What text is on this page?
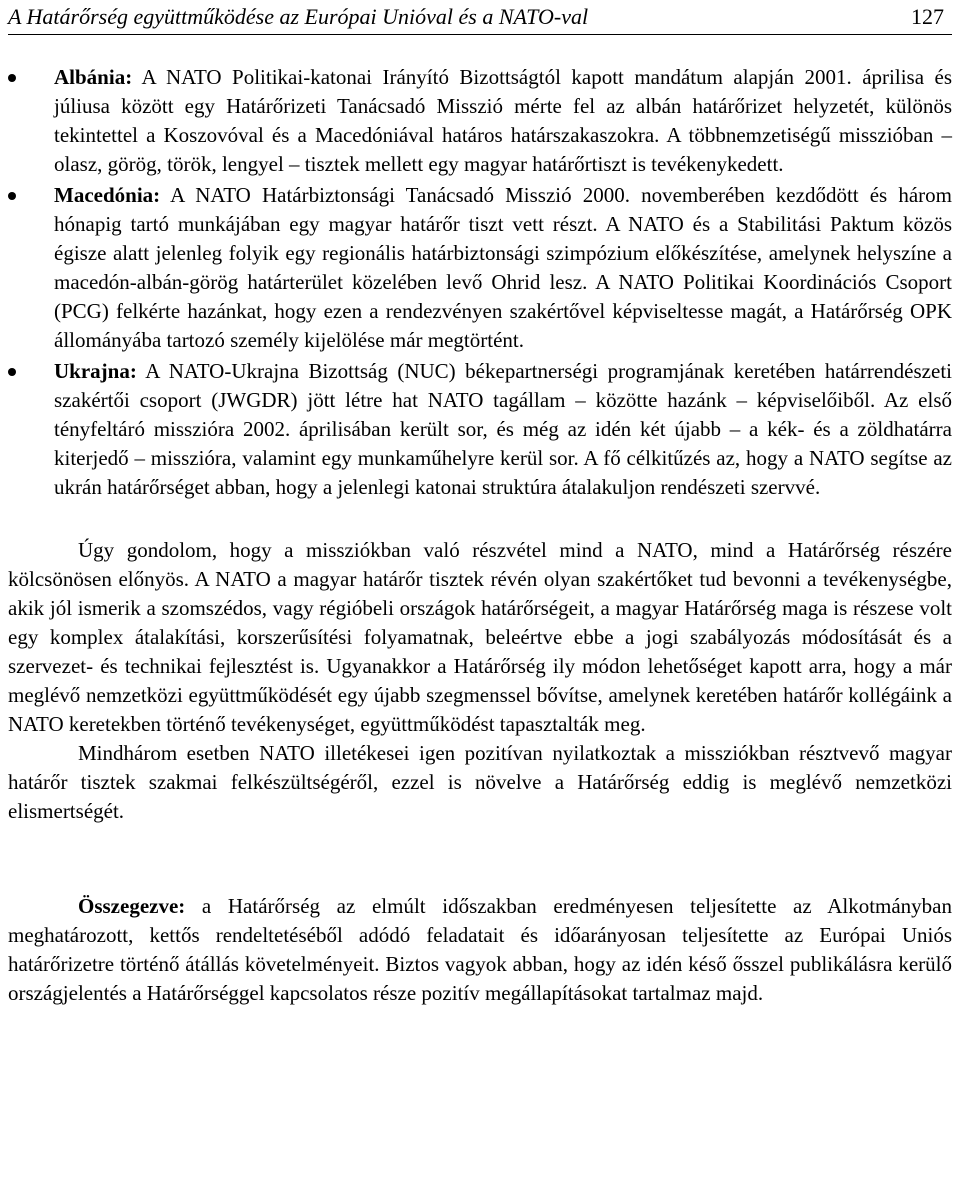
A Határőrség együttműködése az Európai Unióval és a NATO-val	127
Albánia: A NATO Politikai-katonai Irányító Bizottságtól kapott mandátum alapján 2001. áprilisa és júliusa között egy Határőrizeti Tanácsadó Misszió mérte fel az albán határőrizet helyzetét, különös tekintettel a Koszovóval és a Macedóniával határos határszakaszokra. A többnemzetiségű misszióban – olasz, görög, török, lengyel – tisztek mellett egy magyar határőrtiszt is tevékenykedett.
Macedónia: A NATO Határbiztonsági Tanácsadó Misszió 2000. novemberében kezdődött és három hónapig tartó munkájában egy magyar határőr tiszt vett részt. A NATO és a Stabilitási Paktum közös égisze alatt jelenleg folyik egy regionális határbiztonsági szimpózium előkészítése, amelynek helyszíne a macedón-albán-görög határterület közelében levő Ohrid lesz. A NATO Politikai Koordinációs Csoport (PCG) felkérte hazánkat, hogy ezen a rendezvényen szakértővel képviseltesse magát, a Határőrség OPK állományába tartozó személy kijelölése már megtörtént.
Ukrajna: A NATO-Ukrajna Bizottság (NUC) békepartnerségi programjának keretében határrendészeti szakértői csoport (JWGDR) jött létre hat NATO tagállam – közötte hazánk – képviselőiből. Az első tényfeltáró misszióra 2002. áprilisában került sor, és még az idén két újabb – a kék- és a zöldhatárra kiterjedő – misszióra, valamint egy munkaműhelyre kerül sor. A fő célkitűzés az, hogy a NATO segítse az ukrán határőrséget abban, hogy a jelenlegi katonai struktúra átalakuljon rendészeti szervvé.

Úgy gondolom, hogy a missziókban való részvétel mind a NATO, mind a Határőrség részére kölcsönösen előnyös. A NATO a magyar határőr tisztek révén olyan szakértőket tud bevonni a tevékenységbe, akik jól ismerik a szomszédos, vagy régióbeli országok határőrségeit, a magyar Határőrség maga is részese volt egy komplex átalakítási, korszerűsítési folyamatnak, beleértve ebbe a jogi szabályozás módosítását és a szervezet- és technikai fejlesztést is. Ugyanakkor a Határőrség ily módon lehetőséget kapott arra, hogy a már meglévő nemzetközi együttműködését egy újabb szegmenssel bővítse, amelynek keretében határőr kollégáink a NATO keretekben történő tevékenységet, együttműködést tapasztalták meg.

Mindhárom esetben NATO illetékesei igen pozitívan nyilatkoztak a missziókban résztvevő magyar határőr tisztek szakmai felkészültségéről, ezzel is növelve a Határőrség eddig is meglévő nemzetközi elismertségét.

Összegezve: a Határőrség az elmúlt időszakban eredményesen teljesítette az Alkotmányban meghatározott, kettős rendeltetéséből adódó feladatait és időarányosan teljesítette az Európai Uniós határőrizetre történő átállás követelményeit. Biztos vagyok abban, hogy az idén késő ősszel publikálásra kerülő országjelentés a Határőrséggel kapcsolatos része pozitív megállapításokat tartalmaz majd.
